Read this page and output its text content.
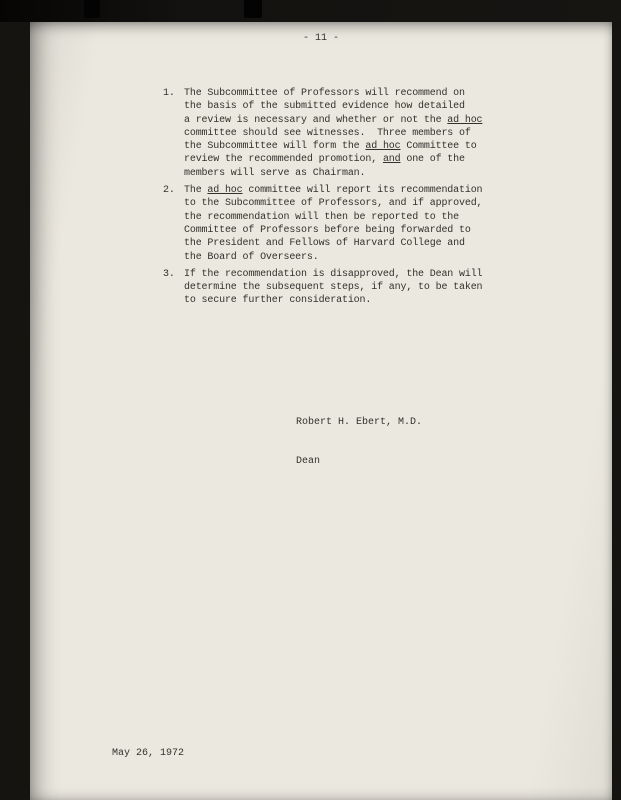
- 11 -
1. The Subcommittee of Professors will recommend on
the basis of the submitted evidence how detailed
a review is necessary and whether or not the ad hoc
committee should see witnesses.  Three members of
the Subcommittee will form the ad hoc Committee to
review the recommended promotion, and one of the
members will serve as Chairman.
2. The ad hoc committee will report its recommendation
to the Subcommittee of Professors, and if approved,
the recommendation will then be reported to the
Committee of Professors before being forwarded to
the President and Fellows of Harvard College and
the Board of Overseers.
3. If the recommendation is disapproved, the Dean will
determine the subsequent steps, if any, to be taken
to secure further consideration.

Robert H. Ebert, M.D.

Dean

May 26, 1972
